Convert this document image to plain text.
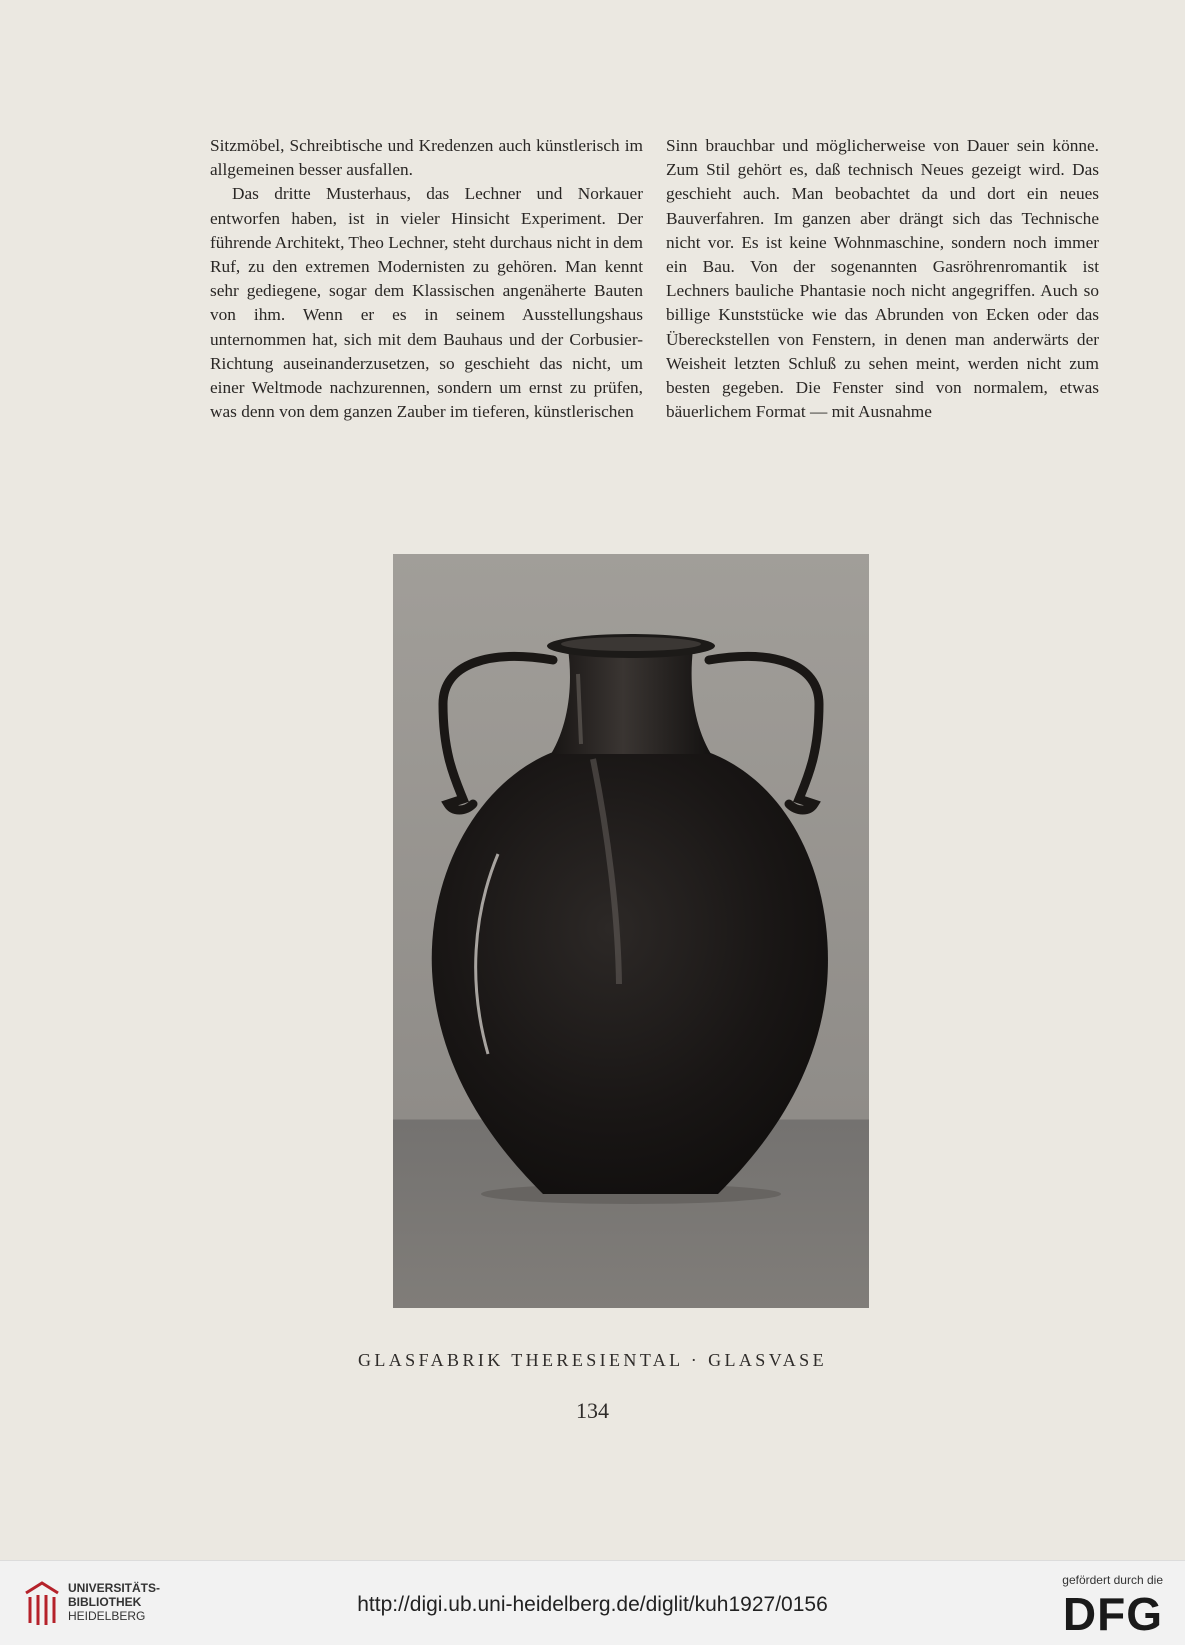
Sitzmöbel, Schreibtische und Kredenzen auch künstlerisch im allgemeinen besser ausfallen.

Das dritte Musterhaus, das Lechner und Norkauer entworfen haben, ist in vieler Hinsicht Experiment. Der führende Architekt, Theo Lechner, steht durchaus nicht in dem Ruf, zu den extremen Modernisten zu gehören. Man kennt sehr gediegene, sogar dem Klassischen angenäherte Bauten von ihm. Wenn er es in seinem Ausstellungshaus unternommen hat, sich mit dem Bauhaus und der Corbusier-Richtung auseinanderzusetzen, so geschieht das nicht, um einer Weltmode nachzurennen, sondern um ernst zu prüfen, was denn von dem ganzen Zauber im tieferen, künstlerischen

Sinn brauchbar und möglicherweise von Dauer sein könne. Zum Stil gehört es, daß technisch Neues gezeigt wird. Das geschieht auch. Man beobachtet da und dort ein neues Bauverfahren. Im ganzen aber drängt sich das Technische nicht vor. Es ist keine Wohnmaschine, sondern noch immer ein Bau. Von der sogenannten Gasröhrenromantik ist Lechners bauliche Phantasie noch nicht angegriffen. Auch so billige Kunststücke wie das Abrunden von Ecken oder das Übereckstellen von Fenstern, in denen man anderwärts der Weisheit letzten Schluß zu sehen meint, werden nicht zum besten gegeben. Die Fenster sind von normalem, etwas bäuerlichem Format — mit Ausnahme

GLASFABRIK THERESIENTAL · GLASVASE
134
UNIVERSITÄTS-
BIBLIOTHEK
HEIDELBERG	http://digi.ub.uni-heidelberg.de/diglit/kuh1927/0156
gefördert durch die
DFG
